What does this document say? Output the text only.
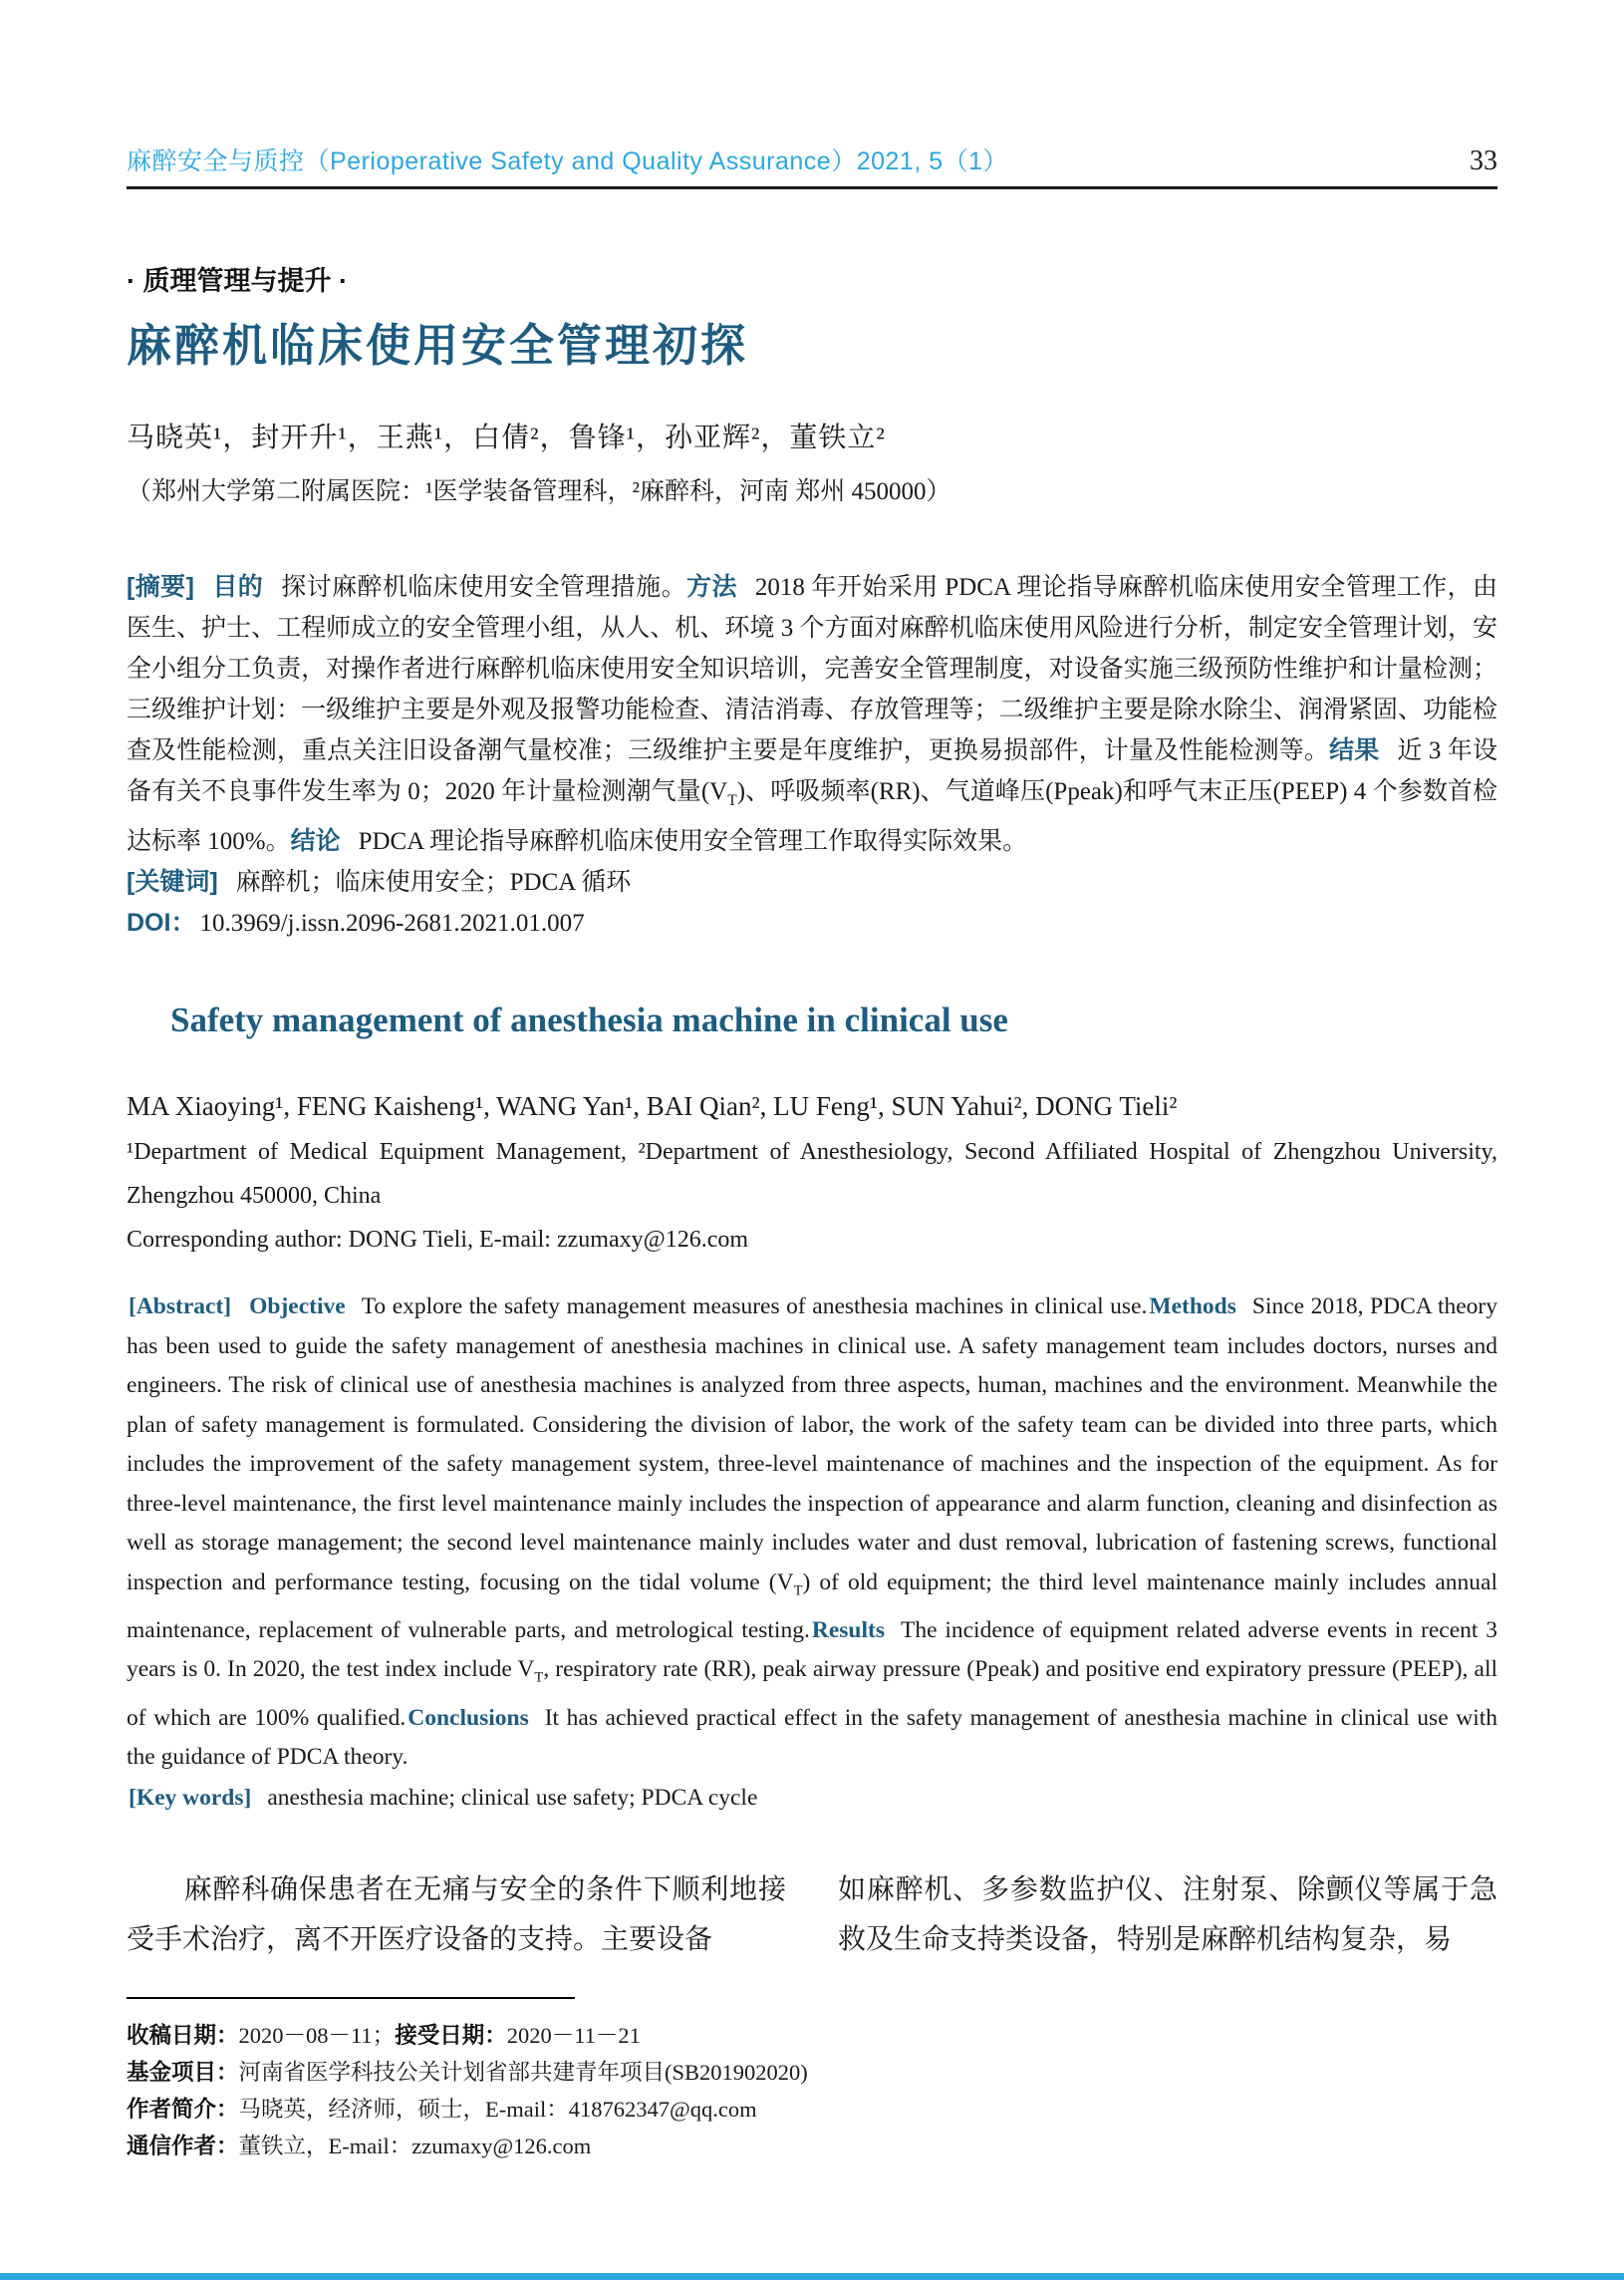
麻醉安全与质控（Perioperative Safety and Quality Assurance）2021, 5（1）	33
· 质理管理与提升 ·
麻醉机临床使用安全管理初探

马晓英¹，封开升¹，王燕¹，白倩²，鲁锋¹，孙亚辉²，董铁立²

（郑州大学第二附属医院：¹医学装备管理科，²麻醉科，河南 郑州 450000）

[摘要] 目的 探讨麻醉机临床使用安全管理措施。方法 2018 年开始采用 PDCA 理论指导麻醉机临床使用安全管理工作，由医生、护士、工程师成立的安全管理小组，从人、机、环境 3 个方面对麻醉机临床使用风险进行分析，制定安全管理计划，安全小组分工负责，对操作者进行麻醉机临床使用安全知识培训，完善安全管理制度，对设备实施三级预防性维护和计量检测；三级维护计划：一级维护主要是外观及报警功能检查、清洁消毒、存放管理等；二级维护主要是除水除尘、润滑紧固、功能检查及性能检测，重点关注旧设备潮气量校准；三级维护主要是年度维护，更换易损部件，计量及性能检测等。结果 近 3 年设备有关不良事件发生率为 0；2020 年计量检测潮气量$(V_T)$、呼吸频率(RR)、气道峰压(Ppeak)和呼气末正压(PEEP) 4 个参数首检达标率 100%。结论 PDCA 理论指导麻醉机临床使用安全管理工作取得实际效果。

[关键词] 麻醉机；临床使用安全；PDCA 循环

DOI： 10.3969/j.issn.2096-2681.2021.01.007

Safety management of anesthesia machine in clinical use

MA Xiaoying¹, FENG Kaisheng¹, WANG Yan¹, BAI Qian², LU Feng¹, SUN Yahui², DONG Tieli²

¹Department of Medical Equipment Management, ²Department of Anesthesiology, Second Affiliated Hospital of Zhengzhou University, Zhengzhou 450000, China

Corresponding author: DONG Tieli, E-mail: zzumaxy@126.com

[Abstract] Objective To explore the safety management measures of anesthesia machines in clinical use.Methods Since 2018, PDCA theory has been used to guide the safety management of anesthesia machines in clinical use. A safety management team includes doctors, nurses and engineers. The risk of clinical use of anesthesia machines is analyzed from three aspects, human, machines and the environment. Meanwhile the plan of safety management is formulated. Considering the division of labor, the work of the safety team can be divided into three parts, which includes the improvement of the safety management system, three-level maintenance of machines and the inspection of the equipment. As for three-level maintenance, the first level maintenance mainly includes the inspection of appearance and alarm function, cleaning and disinfection as well as storage management; the second level maintenance mainly includes water and dust removal, lubrication of fastening screws, functional inspection and performance testing, focusing on the tidal volume $(V_T)$ of old equipment; the third level maintenance mainly includes annual maintenance, replacement of vulnerable parts, and metrological testing.Results The incidence of equipment related adverse events in recent 3 years is 0. In 2020, the test index include $V_T$, respiratory rate (RR), peak airway pressure (Ppeak) and positive end expiratory pressure (PEEP), all of which are 100% qualified.Conclusions It has achieved practical effect in the safety management of anesthesia machine in clinical use with the guidance of PDCA theory.

[Key words] anesthesia machine; clinical use safety; PDCA cycle

　　麻醉科确保患者在无痛与安全的条件下顺利地接受手术治疗，离不开医疗设备的支持。主要设备

如麻醉机、多参数监护仪、注射泵、除颤仪等属于急救及生命支持类设备，特别是麻醉机结构复杂，易

收稿日期：2020－08－11；接受日期：2020－11－21

基金项目：河南省医学科技公关计划省部共建青年项目(SB201902020)

作者简介：马晓英，经济师，硕士，E-mail：418762347@qq.com

通信作者：董铁立，E-mail：zzumaxy@126.com
